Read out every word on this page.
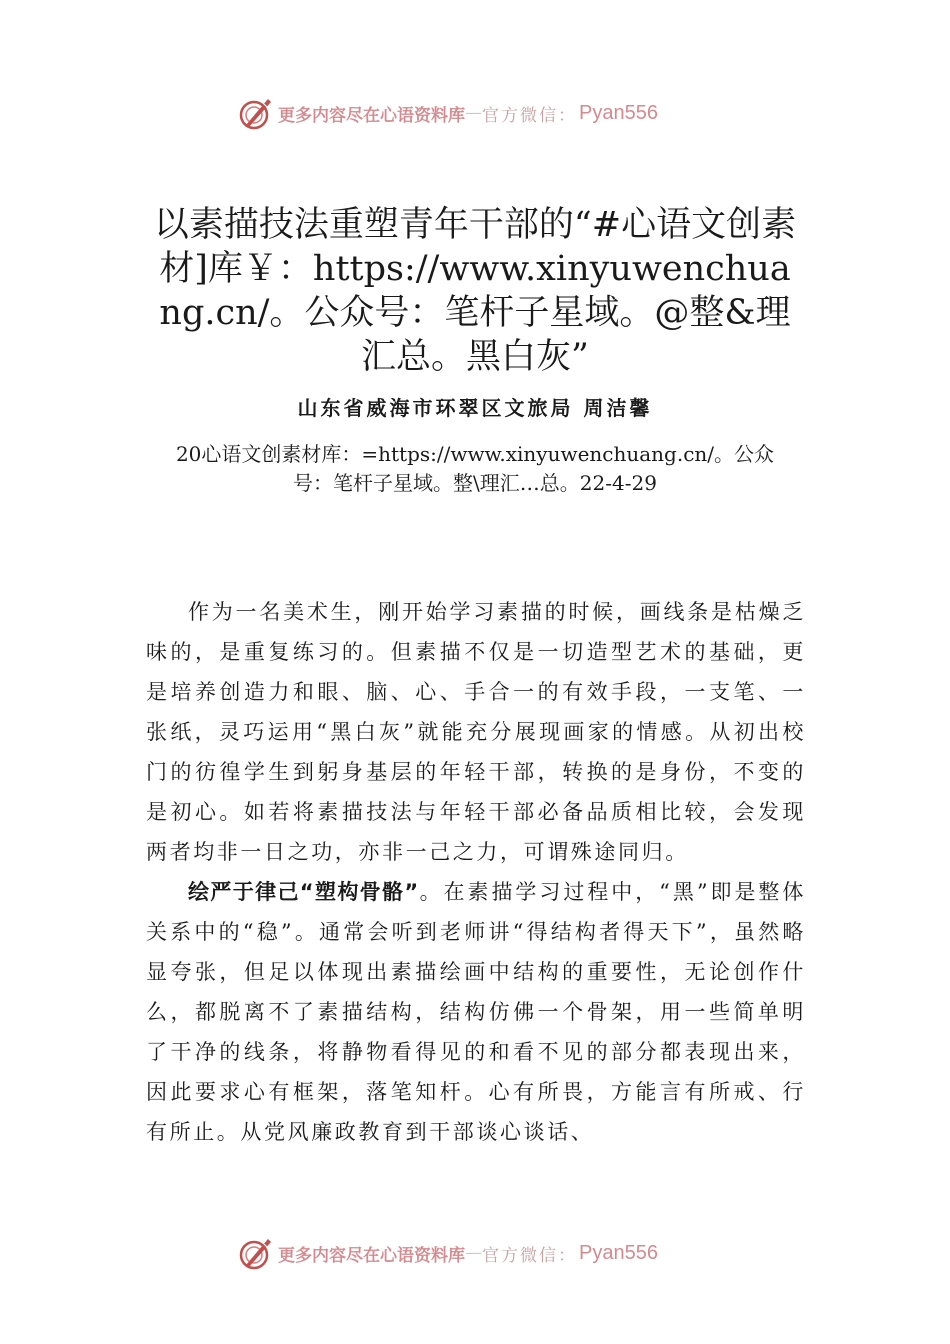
更多内容尽在心语资料库 — 官方微信： Pyan556
以素描技法重塑青年干部的“#心语文创素材]库￥：https://www.xinyuwenchuang.cn/。公众号：笔杆子星域。@整&理汇总。黑白灰”
山东省威海市环翠区文旅局 周洁馨
20心语文创素材库：=https://www.xinyuwenchuang.cn/。公众号：笔杆子星域。整\理汇…总。22-4-29

作为一名美术生，刚开始学习素描的时候，画线条是枯燥乏味的，是重复练习的。但素描不仅是一切造型艺术的基础，更是培养创造力和眼、脑、心、手合一的有效手段，一支笔、一张纸，灵巧运用“黑白灰”就能充分展现画家的情感。从初出校门的彷徨学生到躬身基层的年轻干部，转换的是身份，不变的是初心。如若将素描技法与年轻干部必备品质相比较，会发现两者均非一日之功，亦非一己之力，可谓殊途同归。

绘严于律己“塑构骨骼”。在素描学习过程中，“黑”即是整体关系中的“稳”。通常会听到老师讲“得结构者得天下”，虽然略显夸张，但足以体现出素描绘画中结构的重要性，无论创作什么，都脱离不了素描结构，结构仿佛一个骨架，用一些简单明了干净的线条，将静物看得见的和看不见的部分都表现出来，因此要求心有框架，落笔知杆。心有所畏，方能言有所戒、行有所止。从党风廉政教育到干部谈心谈话、

更多内容尽在心语资料库 — 官方微信： Pyan556
